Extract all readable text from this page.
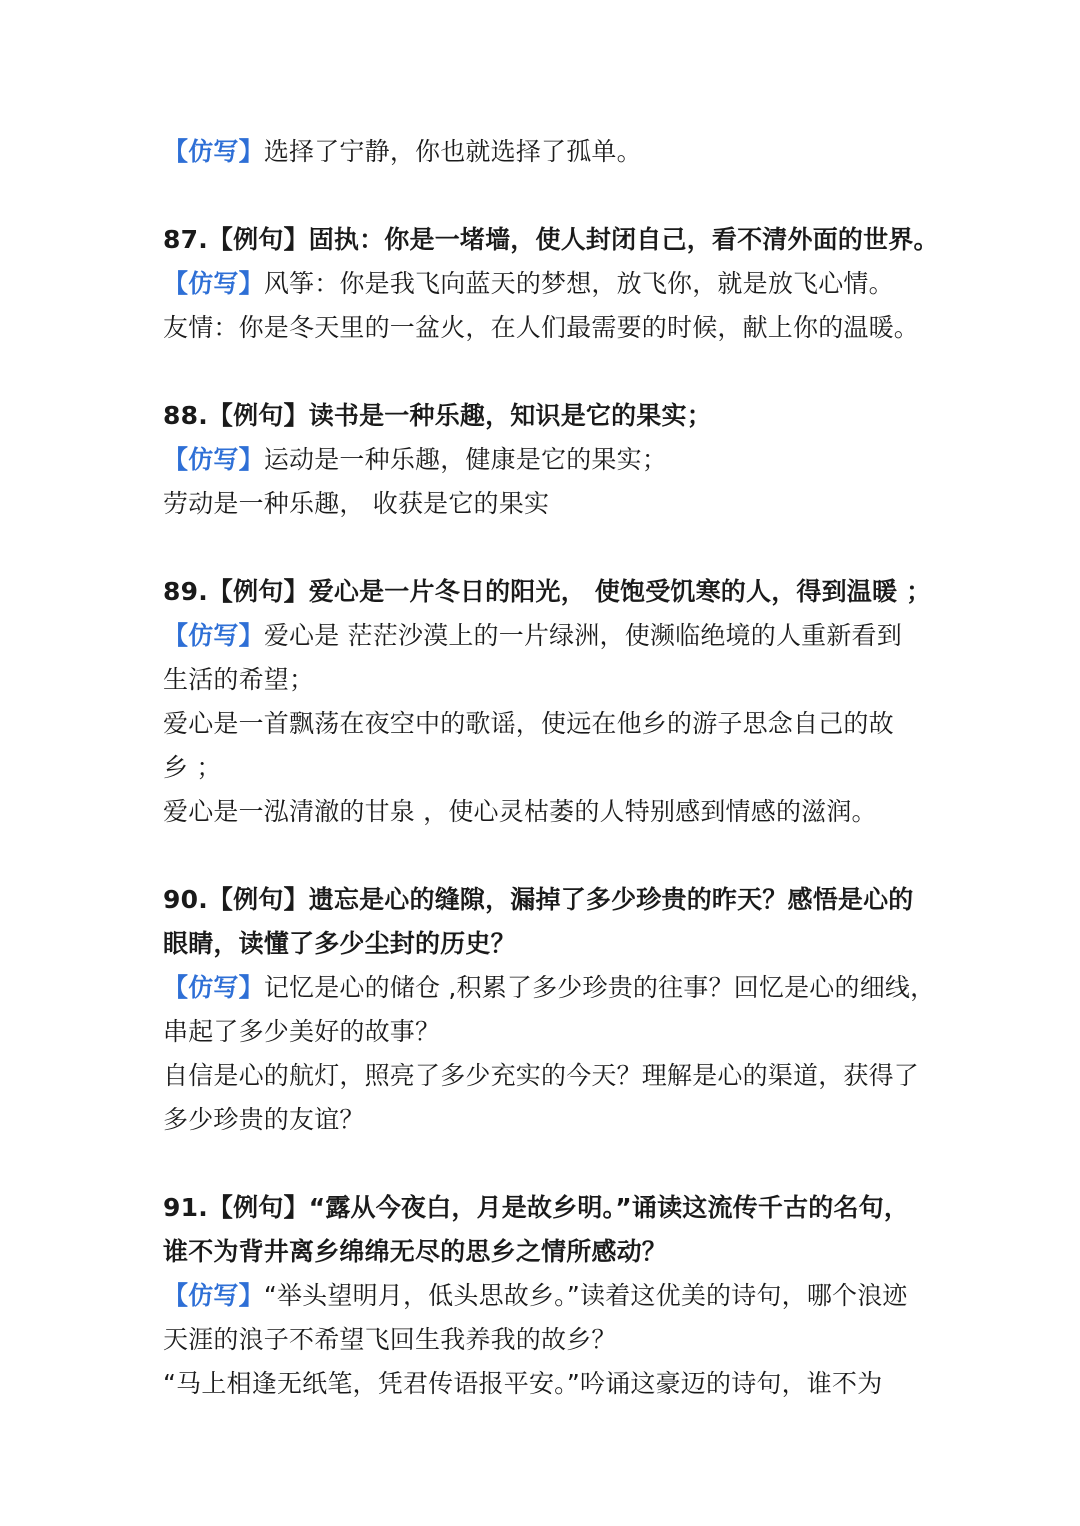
【仿写】选择了宁静，你也就选择了孤单。
87.【例句】固执：你是一堵墙，使人封闭自己，看不清外面的世界。
【仿写】风筝：你是我飞向蓝天的梦想，放飞你，就是放飞心情。
友情：你是冬天里的一盆火，在人们最需要的时候，献上你的温暖。
88.【例句】读书是一种乐趣，知识是它的果实；
【仿写】运动是一种乐趣，健康是它的果实；
劳动是一种乐趣， 收获是它的果实
89.【例句】爱心是一片冬日的阳光， 使饱受饥寒的人，得到温暖 ；
【仿写】爱心是 茫茫沙漠上的一片绿洲，使濒临绝境的人重新看到
生活的希望；
爱心是一首飘荡在夜空中的歌谣，使远在他乡的游子思念自己的故
乡 ；
爱心是一泓清澈的甘泉 ，使心灵枯萎的人特别感到情感的滋润。
90.【例句】遗忘是心的缝隙，漏掉了多少珍贵的昨天？感悟是心的
眼睛，读懂了多少尘封的历史？
【仿写】记忆是心的储仓 ,积累了多少珍贵的往事？回忆是心的细线，
串起了多少美好的故事？
自信是心的航灯，照亮了多少充实的今天？理解是心的渠道，获得了
多少珍贵的友谊？
91.【例句】“露从今夜白，月是故乡明。”诵读这流传千古的名句，
谁不为背井离乡绵绵无尽的思乡之情所感动？
【仿写】“举头望明月，低头思故乡。”读着这优美的诗句，哪个浪迹
天涯的浪子不希望飞回生我养我的故乡？
“马上相逢无纸笔，凭君传语报平安。”吟诵这豪迈的诗句，谁不为
